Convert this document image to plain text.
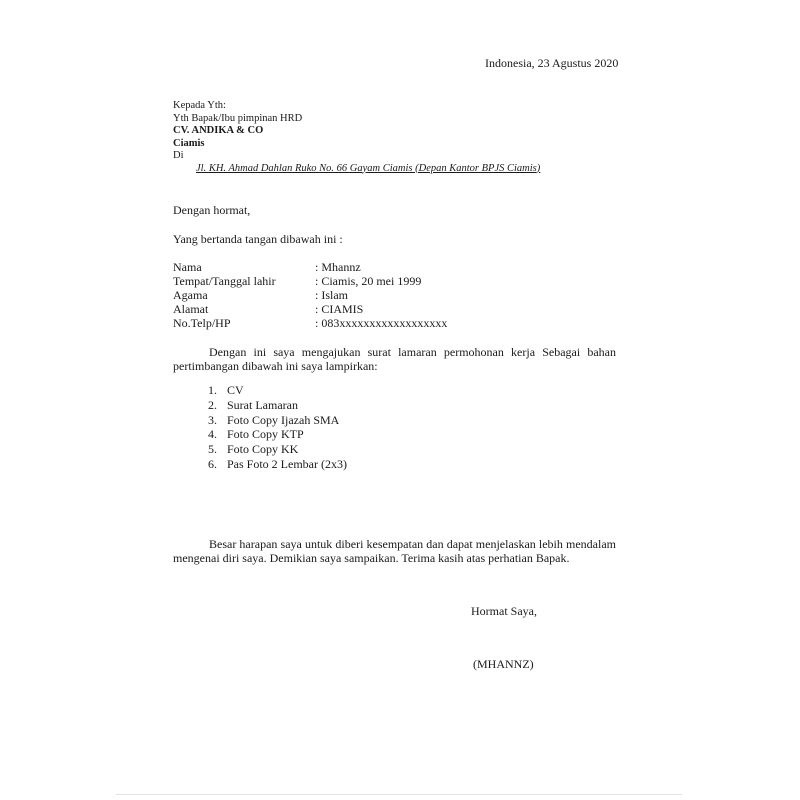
Indonesia, 23 Agustus 2020
Kepada Yth:
Yth Bapak/Ibu pimpinan HRD
CV. ANDIKA & CO
Ciamis
Di
Jl. KH. Ahmad Dahlan Ruko No. 66 Gayam Ciamis (Depan Kantor BPJS Ciamis)
Dengan hormat,
Yang bertanda tangan dibawah ini :
Nama	: Mhannz
Tempat/Tanggal lahir	: Ciamis, 20 mei 1999
Agama	: Islam
Alamat	: CIAMIS
No.Telp/HP	: 083xxxxxxxxxxxxxxxxxx
Dengan ini saya mengajukan surat lamaran permohonan kerja Sebagai bahan pertimbangan dibawah ini saya lampirkan:
1. CV
2. Surat Lamaran
3. Foto Copy Ijazah SMA
4. Foto Copy KTP
5. Foto Copy KK
6. Pas Foto 2 Lembar (2x3)
Besar harapan saya untuk diberi kesempatan dan dapat menjelaskan lebih mendalam mengenai diri saya. Demikian saya sampaikan. Terima kasih atas perhatian Bapak.
Hormat Saya,
(MHANNZ)
